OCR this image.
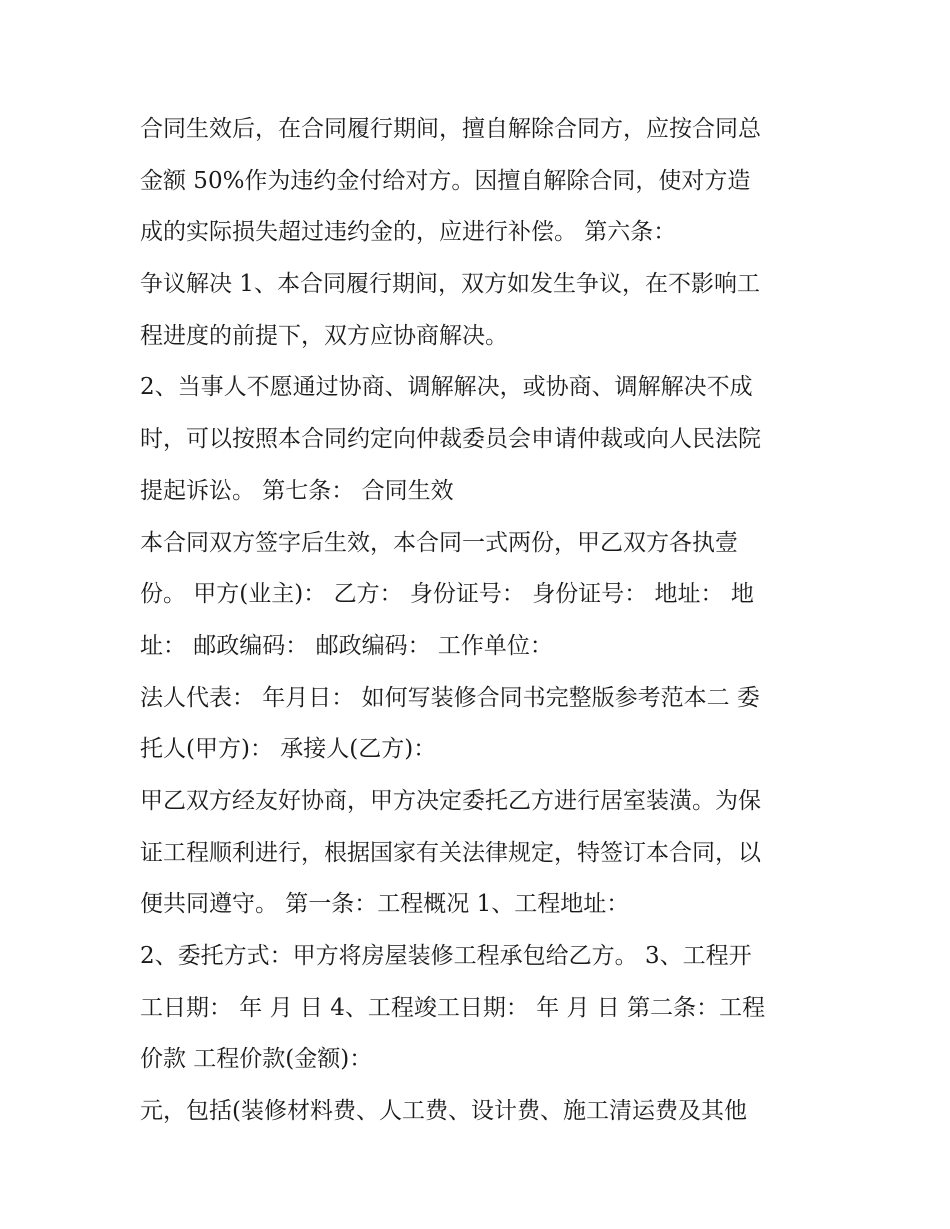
合同生效后，在合同履行期间，擅自解除合同方，应按合同总
金额 50%作为违约金付给对方。因擅自解除合同，使对方造
成的实际损失超过违约金的，应进行补偿。 第六条：
争议解决 1、本合同履行期间，双方如发生争议，在不影响工
程进度的前提下，双方应协商解决。
2、当事人不愿通过协商、调解解决，或协商、调解解决不成
时，可以按照本合同约定向仲裁委员会申请仲裁或向人民法院
提起诉讼。 第七条： 合同生效
本合同双方签字后生效，本合同一式两份，甲乙双方各执壹
份。 甲方(业主)： 乙方： 身份证号： 身份证号： 地址： 地
址： 邮政编码： 邮政编码： 工作单位：
法人代表： 年月日： 如何写装修合同书完整版参考范本二 委
托人(甲方)： 承接人(乙方)：
甲乙双方经友好协商，甲方决定委托乙方进行居室装潢。为保
证工程顺利进行，根据国家有关法律规定，特签订本合同，以
便共同遵守。 第一条：工程概况 1、工程地址：
2、委托方式：甲方将房屋装修工程承包给乙方。 3、工程开
工日期： 年 月 日 4、工程竣工日期： 年 月 日 第二条：工程
价款 工程价款(金额)：
元，包括(装修材料费、人工费、设计费、施工清运费及其他
